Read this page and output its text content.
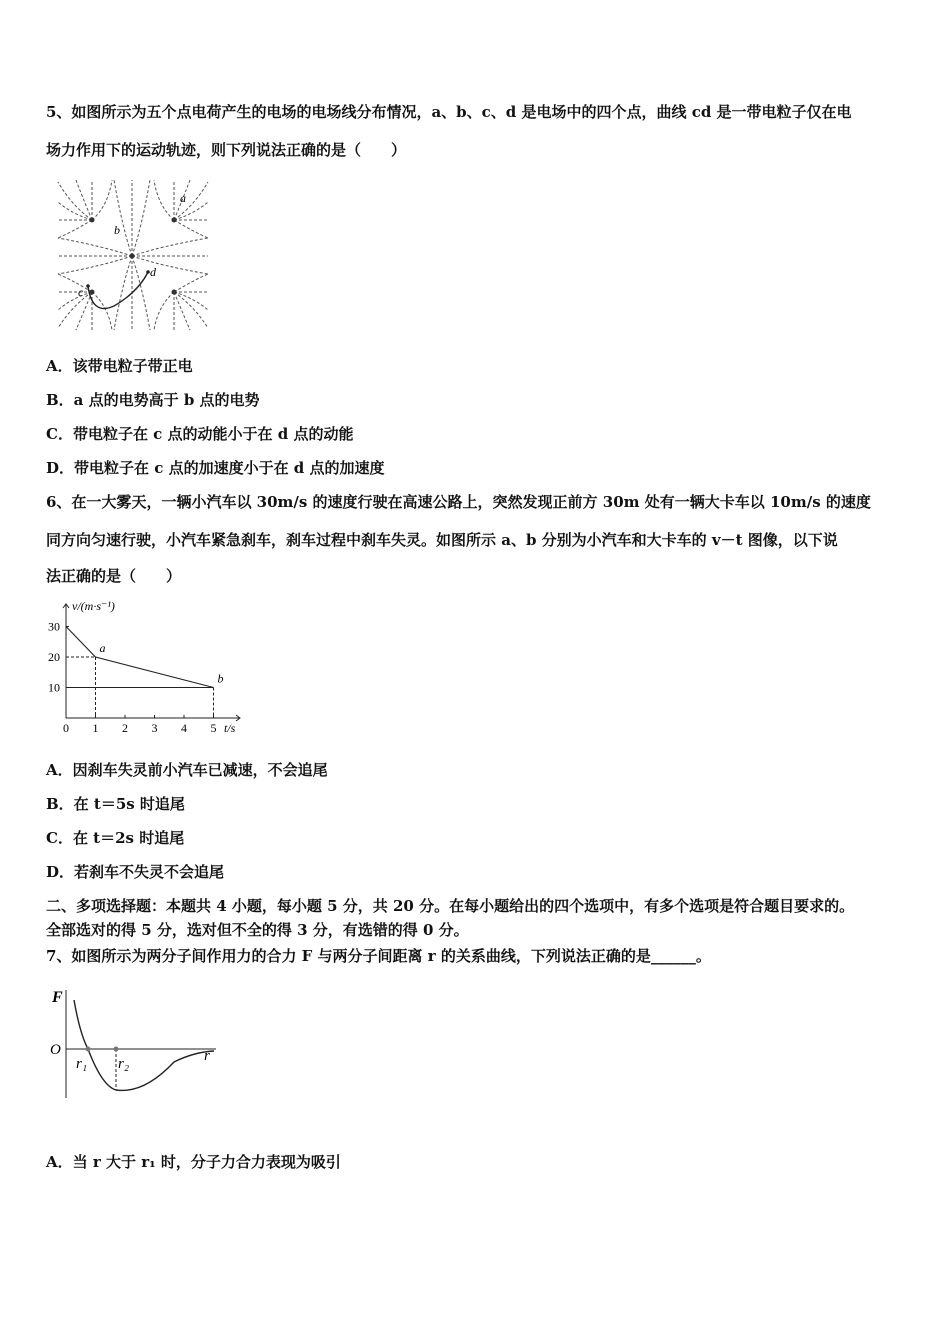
5、如图所示为五个点电荷产生的电场的电场线分布情况，a、b、c、d 是电场中的四个点，曲线 cd 是一带电粒子仅在电
场力作用下的运动轨迹，则下列说法正确的是（　　）
a
b
c
d
A．该带电粒子带正电
B．a 点的电势高于 b 点的电势
C．带电粒子在 c 点的动能小于在 d 点的动能
D．带电粒子在 c 点的加速度小于在 d 点的加速度
6、在一大雾天，一辆小汽车以 30m/s 的速度行驶在高速公路上，突然发现正前方 30m 处有一辆大卡车以 10m/s 的速度
同方向匀速行驶，小汽车紧急刹车，刹车过程中刹车失灵。如图所示 a、b 分别为小汽车和大卡车的 v－t 图像，以下说
法正确的是（　　）
v/(m·s⁻¹)
t/s
0 1 2 3 4 5
10
20
30
a
b
A．因刹车失灵前小汽车已减速，不会追尾
B．在 t＝5s 时追尾
C．在 t＝2s 时追尾
D．若刹车不失灵不会追尾
二、多项选择题：本题共 4 小题，每小题 5 分，共 20 分。在每小题给出的四个选项中，有多个选项是符合题目要求的。
全部选对的得 5 分，选对但不全的得 3 分，有选错的得 0 分。
7、如图所示为两分子间作用力的合力 F 与两分子间距离 r 的关系曲线，下列说法正确的是______。
F
O
r₁ r₂	r
A．当 r 大于 r₁ 时，分子力合力表现为吸引
